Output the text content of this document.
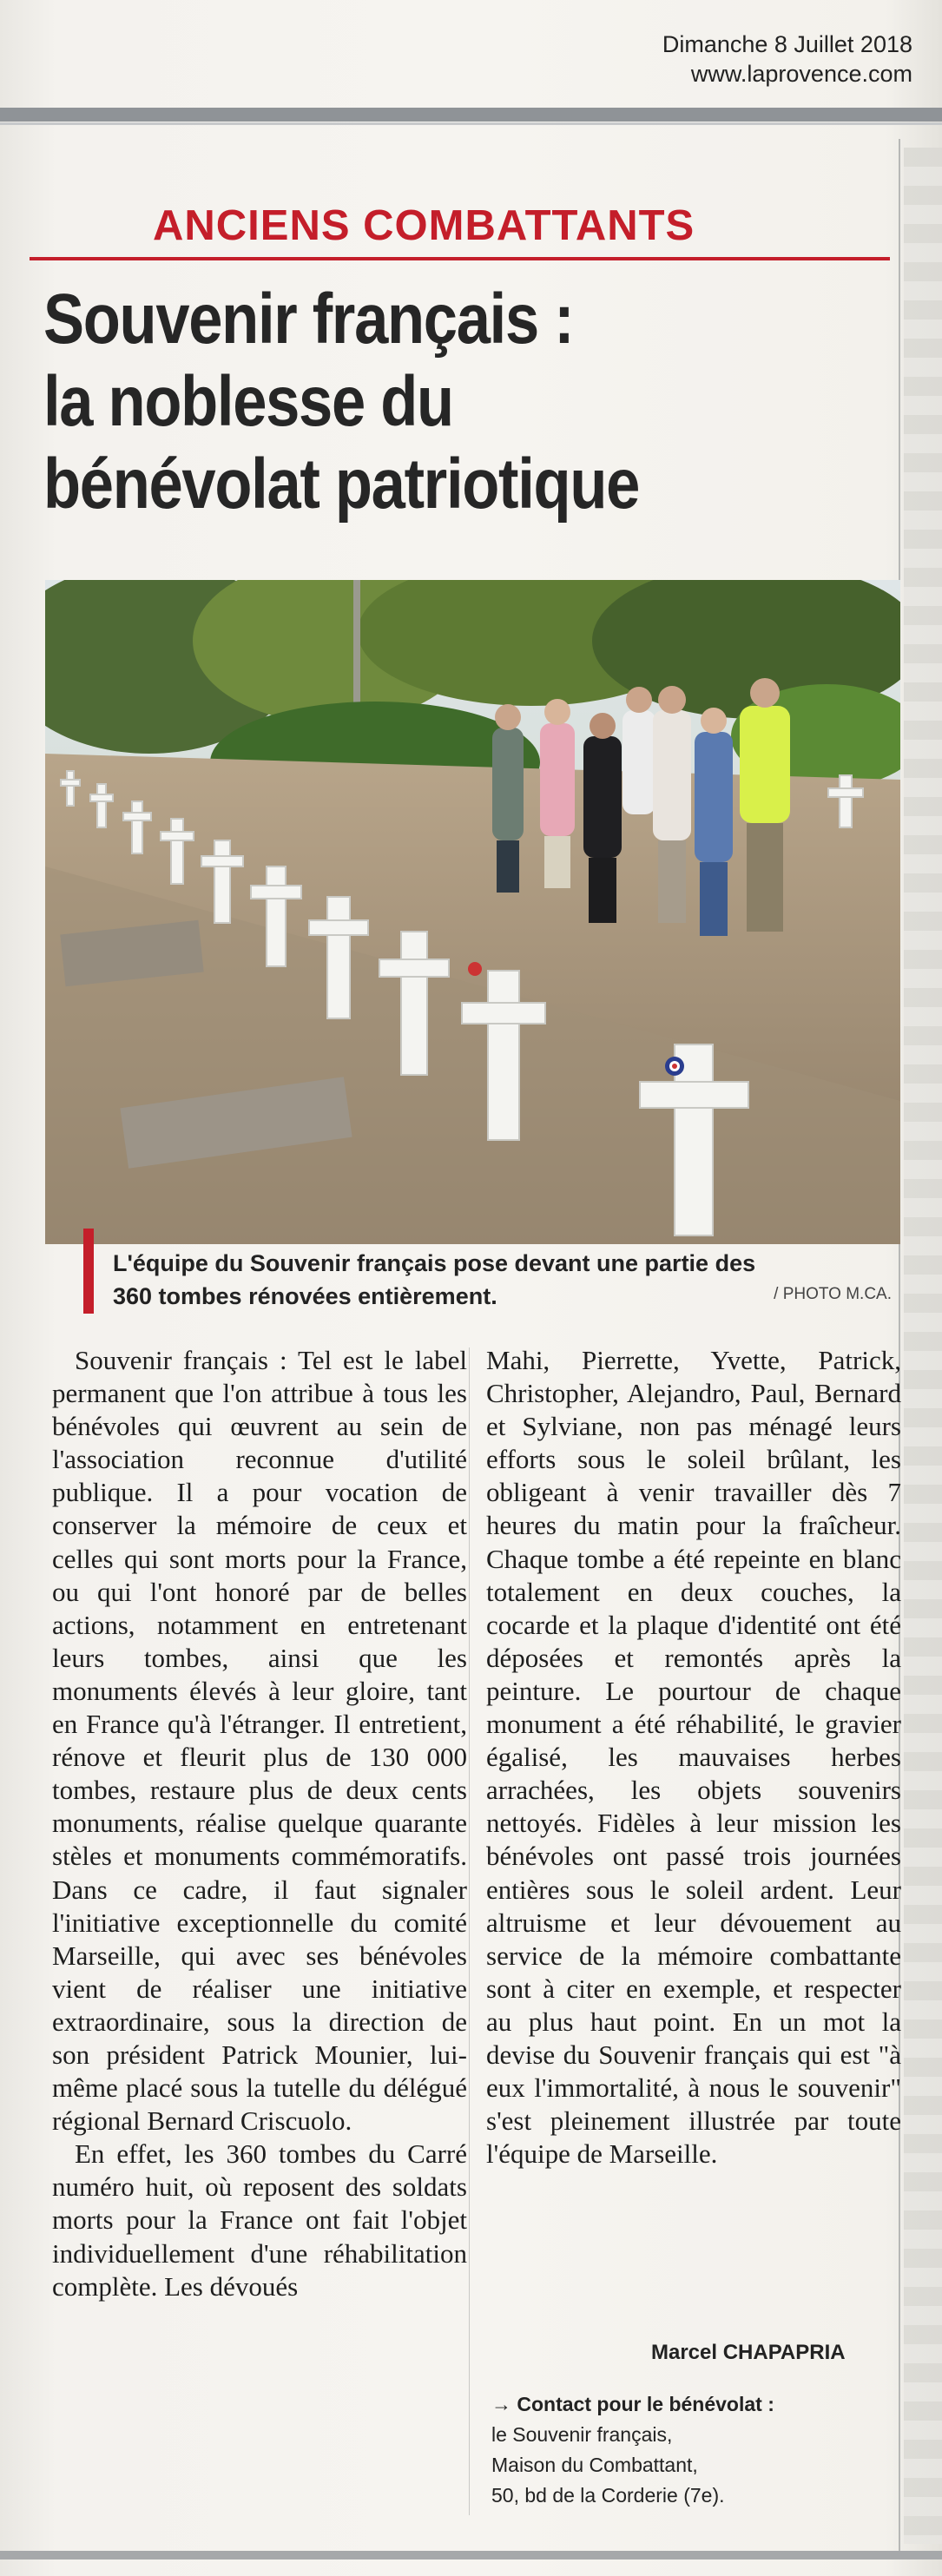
Dimanche 8 Juillet 2018
www.laprovence.com
ANCIENS COMBATTANTS
Souvenir français :
la noblesse du
bénévolat patriotique
L'équipe du Souvenir français pose devant une partie des
360 tombes rénovées entièrement.	/ PHOTO M.CA.

Souvenir français : Tel est le label permanent que l'on attribue à tous les bénévoles qui œuvrent au sein de l'association reconnue d'utilité publique. Il a pour vocation de conserver la mémoire de ceux et celles qui sont morts pour la France, ou qui l'ont honoré par de belles actions, notamment en entretenant leurs tombes, ainsi que les monuments élevés à leur gloire, tant en France qu'à l'étranger. Il entretient, rénove et fleurit plus de 130 000 tombes, restaure plus de deux cents monuments, réalise quelque quarante stèles et monuments commémoratifs. Dans ce cadre, il faut signaler l'initiative exceptionnelle du comité Marseille, qui avec ses bénévoles vient de réaliser une initiative extraordinaire, sous la direction de son président Patrick Mounier, lui-même placé sous la tutelle du délégué régional Bernard Criscuolo.

En effet, les 360 tombes du Carré numéro huit, où reposent des soldats morts pour la France ont fait l'objet individuellement d'une réhabilitation complète. Les dévoués

Mahi, Pierrette, Yvette, Patrick, Christopher, Alejandro, Paul, Bernard et Sylviane, non pas ménagé leurs efforts sous le soleil brûlant, les obligeant à venir travailler dès 7 heures du matin pour la fraîcheur. Chaque tombe a été repeinte en blanc totalement en deux couches, la cocarde et la plaque d'identité ont été déposées et remontés après la peinture. Le pourtour de chaque monument a été réhabilité, le gravier égalisé, les mauvaises herbes arrachées, les objets souvenirs nettoyés. Fidèles à leur mission les bénévoles ont passé trois journées entières sous le soleil ardent. Leur altruisme et leur dévouement au service de la mémoire combattante sont à citer en exemple, et respecter au plus haut point. En un mot la devise du Souvenir français qui est "à eux l'immortalité, à nous le souvenir" s'est pleinement illustrée par toute l'équipe de Marseille.

Marcel CHAPAPRIA
→ Contact pour le bénévolat :
le Souvenir français,
Maison du Combattant,
50, bd de la Corderie (7e).
